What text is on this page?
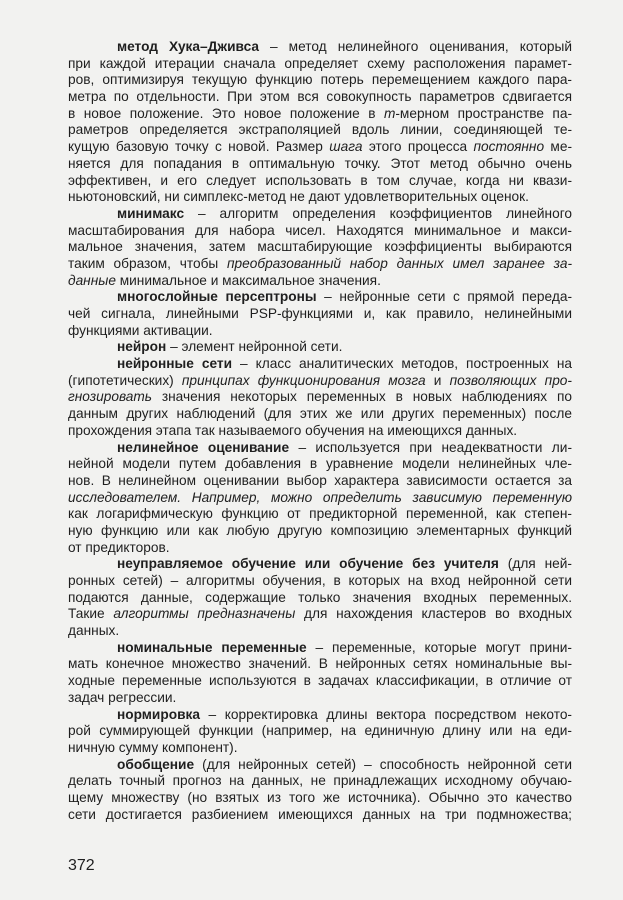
метод Хука–Дживса – метод нелинейного оценивания, который
при каждой итерации сначала определяет схему расположения парамет-
ров, оптимизируя текущую функцию потерь перемещением каждого пара-
метра по отдельности. При этом вся совокупность параметров сдвигается
в новое положение. Это новое положение в m-мерном пространстве па-
раметров определяется экстраполяцией вдоль линии, соединяющей те-
кущую базовую точку с новой. Размер шага этого процесса постоянно ме-
няется для попадания в оптимальную точку. Этот метод обычно очень
эффективен, и его следует использовать в том случае, когда ни квази-
ньютоновский, ни симплекс-метод не дают удовлетворительных оценок.
минимакс – алгоритм определения коэффициентов линейного
масштабирования для набора чисел. Находятся минимальное и макси-
мальное значения, затем масштабирующие коэффициенты выбираются
таким образом, чтобы преобразованный набор данных имел заранее за-
данные минимальное и максимальное значения.
многослойные персептроны – нейронные сети с прямой переда-
чей сигнала, линейными PSP-функциями и, как правило, нелинейными
функциями активации.
нейрон – элемент нейронной сети.
нейронные сети – класс аналитических методов, построенных на
(гипотетических) принципах функционирования мозга и позволяющих про-
гнозировать значения некоторых переменных в новых наблюдениях по
данным других наблюдений (для этих же или других переменных) после
прохождения этапа так называемого обучения на имеющихся данных.
нелинейное оценивание – используется при неадекватности ли-
нейной модели путем добавления в уравнение модели нелинейных чле-
нов. В нелинейном оценивании выбор характера зависимости остается за
исследователем. Например, можно определить зависимую переменную
как логарифмическую функцию от предикторной переменной, как степен-
ную функцию или как любую другую композицию элементарных функций
от предикторов.
неуправляемое обучение или обучение без учителя (для ней-
ронных сетей) – алгоритмы обучения, в которых на вход нейронной сети
подаются данные, содержащие только значения входных переменных.
Такие алгоритмы предназначены для нахождения кластеров во входных
данных.
номинальные переменные – переменные, которые могут прини-
мать конечное множество значений. В нейронных сетях номинальные вы-
ходные переменные используются в задачах классификации, в отличие от
задач регрессии.
нормировка – корректировка длины вектора посредством некото-
рой суммирующей функции (например, на единичную длину или на еди-
ничную сумму компонент).
обобщение (для нейронных сетей) – способность нейронной сети
делать точный прогноз на данных, не принадлежащих исходному обучаю-
щему множеству (но взятых из того же источника). Обычно это качество
сети достигается разбиением имеющихся данных на три подмножества;
372
